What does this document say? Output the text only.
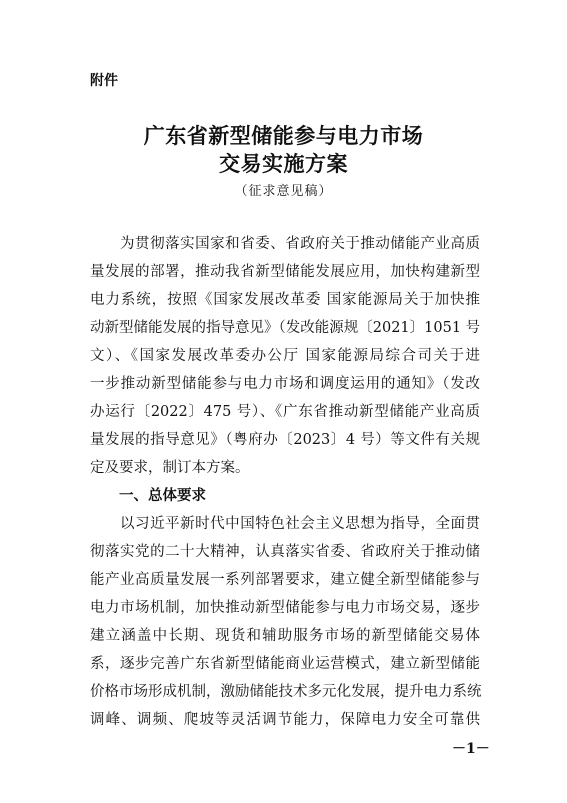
附件
广东省新型储能参与电力市场
交易实施方案
（征求意见稿）
　　为贯彻落实国家和省委、省政府关于推动储能产业高质
量发展的部署，推动我省新型储能发展应用，加快构建新型
电力系统，按照《国家发展改革委 国家能源局关于加快推
动新型储能发展的指导意见》（发改能源规〔2021〕1051 号
文）、《国家发展改革委办公厅 国家能源局综合司关于进
一步推动新型储能参与电力市场和调度运用的通知》（发改
办运行〔2022〕475 号）、《广东省推动新型储能产业高质
量发展的指导意见》（粤府办〔2023〕4 号）等文件有关规
定及要求，制订本方案。
一、总体要求
　　以习近平新时代中国特色社会主义思想为指导，全面贯
彻落实党的二十大精神，认真落实省委、省政府关于推动储
能产业高质量发展一系列部署要求，建立健全新型储能参与
电力市场机制，加快推动新型储能参与电力市场交易，逐步
建立涵盖中长期、现货和辅助服务市场的新型储能交易体
系，逐步完善广东省新型储能商业运营模式，建立新型储能
价格市场形成机制，激励储能技术多元化发展，提升电力系统
调峰、调频、爬坡等灵活调节能力，保障电力安全可靠供
－1－
